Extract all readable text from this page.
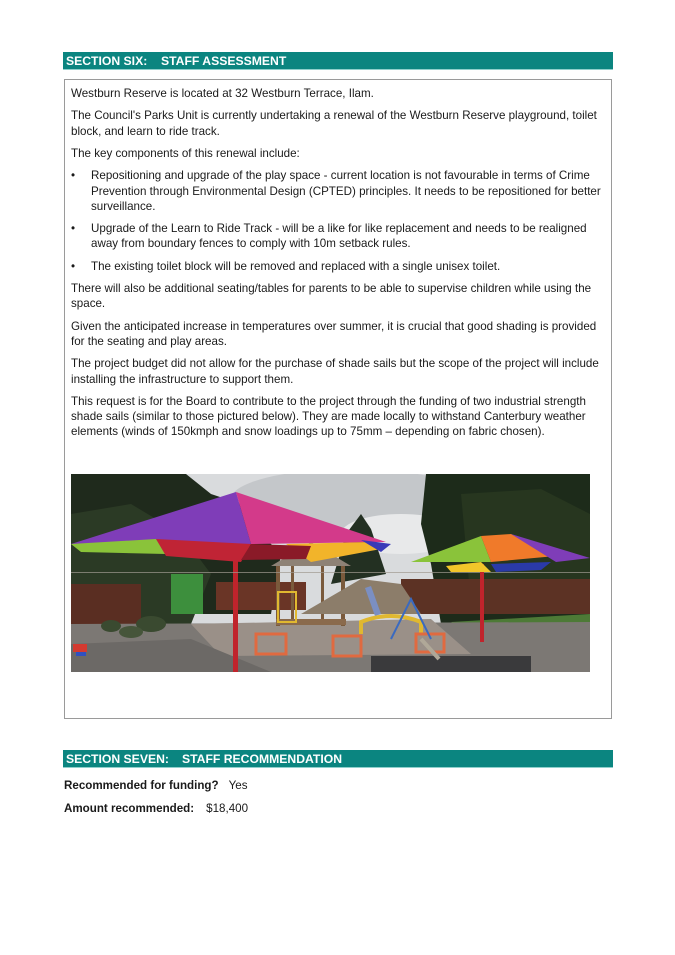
SECTION SIX: STAFF ASSESSMENT

Westburn Reserve is located at 32 Westburn Terrace, Ilam.

The Council's Parks Unit is currently undertaking a renewal of the Westburn Reserve playground, toilet block, and learn to ride track.

The key components of this renewal include:

• Repositioning and upgrade of the play space - current location is not favourable in terms of Crime Prevention through Environmental Design (CPTED) principles. It needs to be repositioned for better surveillance.
• Upgrade of the Learn to Ride Track - will be a like for like replacement and needs to be realigned away from boundary fences to comply with 10m setback rules.
• The existing toilet block will be removed and replaced with a single unisex toilet.

There will also be additional seating/tables for parents to be able to supervise children while using the space.

Given the anticipated increase in temperatures over summer, it is crucial that good shading is provided for the seating and play areas.

The project budget did not allow for the purchase of shade sails but the scope of the project will include installing the infrastructure to support them.

This request is for the Board to contribute to the project through the funding of two industrial strength shade sails (similar to those pictured below). They are made locally to withstand Canterbury weather elements (winds of 150kmph and snow loadings up to 75mm – depending on fabric chosen).

SECTION SEVEN: STAFF RECOMMENDATION
Recommended for funding? Yes
Amount recommended: $18,400
